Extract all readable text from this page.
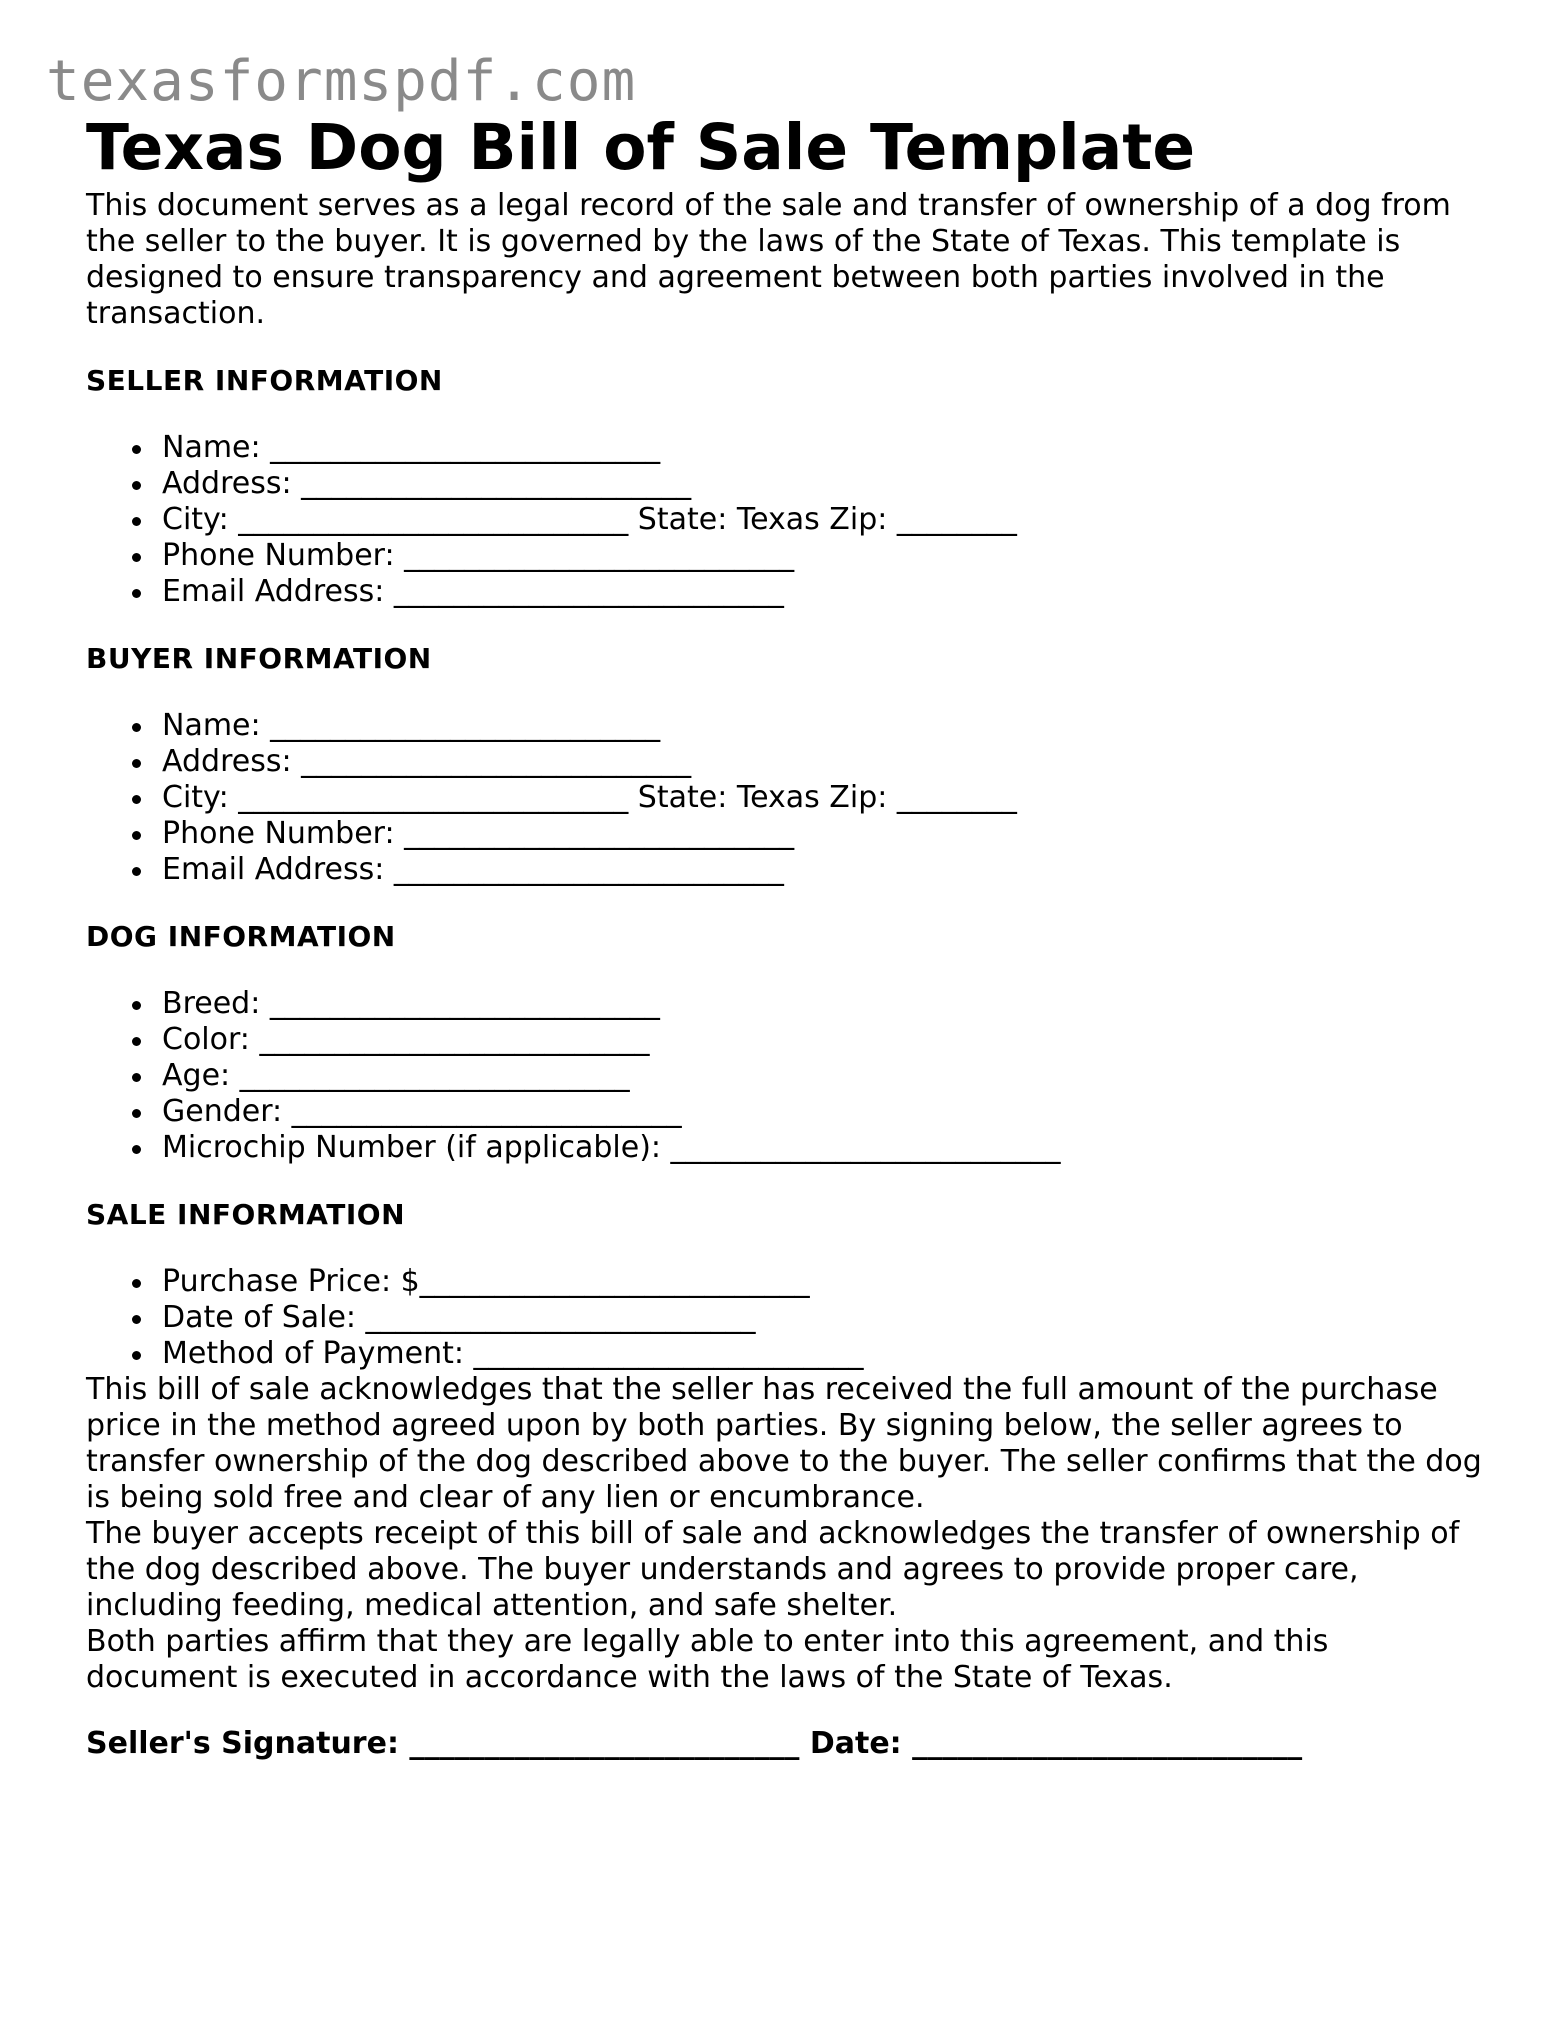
texasformspdf.com
Texas Dog Bill of Sale Template

This document serves as a legal record of the sale and transfer of ownership of a dog from the seller to the buyer. It is governed by the laws of the State of Texas. This template is designed to ensure transparency and agreement between both parties involved in the transaction.

SELLER INFORMATION
Name: __________________________
Address: __________________________
City: __________________________ State: Texas Zip: ________
Phone Number: __________________________
Email Address: __________________________
BUYER INFORMATION
Name: __________________________
Address: __________________________
City: __________________________ State: Texas Zip: ________
Phone Number: __________________________
Email Address: __________________________
DOG INFORMATION
Breed: __________________________
Color: __________________________
Age: __________________________
Gender: __________________________
Microchip Number (if applicable): __________________________
SALE INFORMATION
Purchase Price: $__________________________
Date of Sale: __________________________
Method of Payment: __________________________

This bill of sale acknowledges that the seller has received the full amount of the purchase price in the method agreed upon by both parties. By signing below, the seller agrees to transfer ownership of the dog described above to the buyer. The seller confirms that the dog is being sold free and clear of any lien or encumbrance.

The buyer accepts receipt of this bill of sale and acknowledges the transfer of ownership of the dog described above. The buyer understands and agrees to provide proper care, including feeding, medical attention, and safe shelter.

Both parties affirm that they are legally able to enter into this agreement, and this document is executed in accordance with the laws of the State of Texas.

Seller's Signature: __________________________ Date: __________________________
